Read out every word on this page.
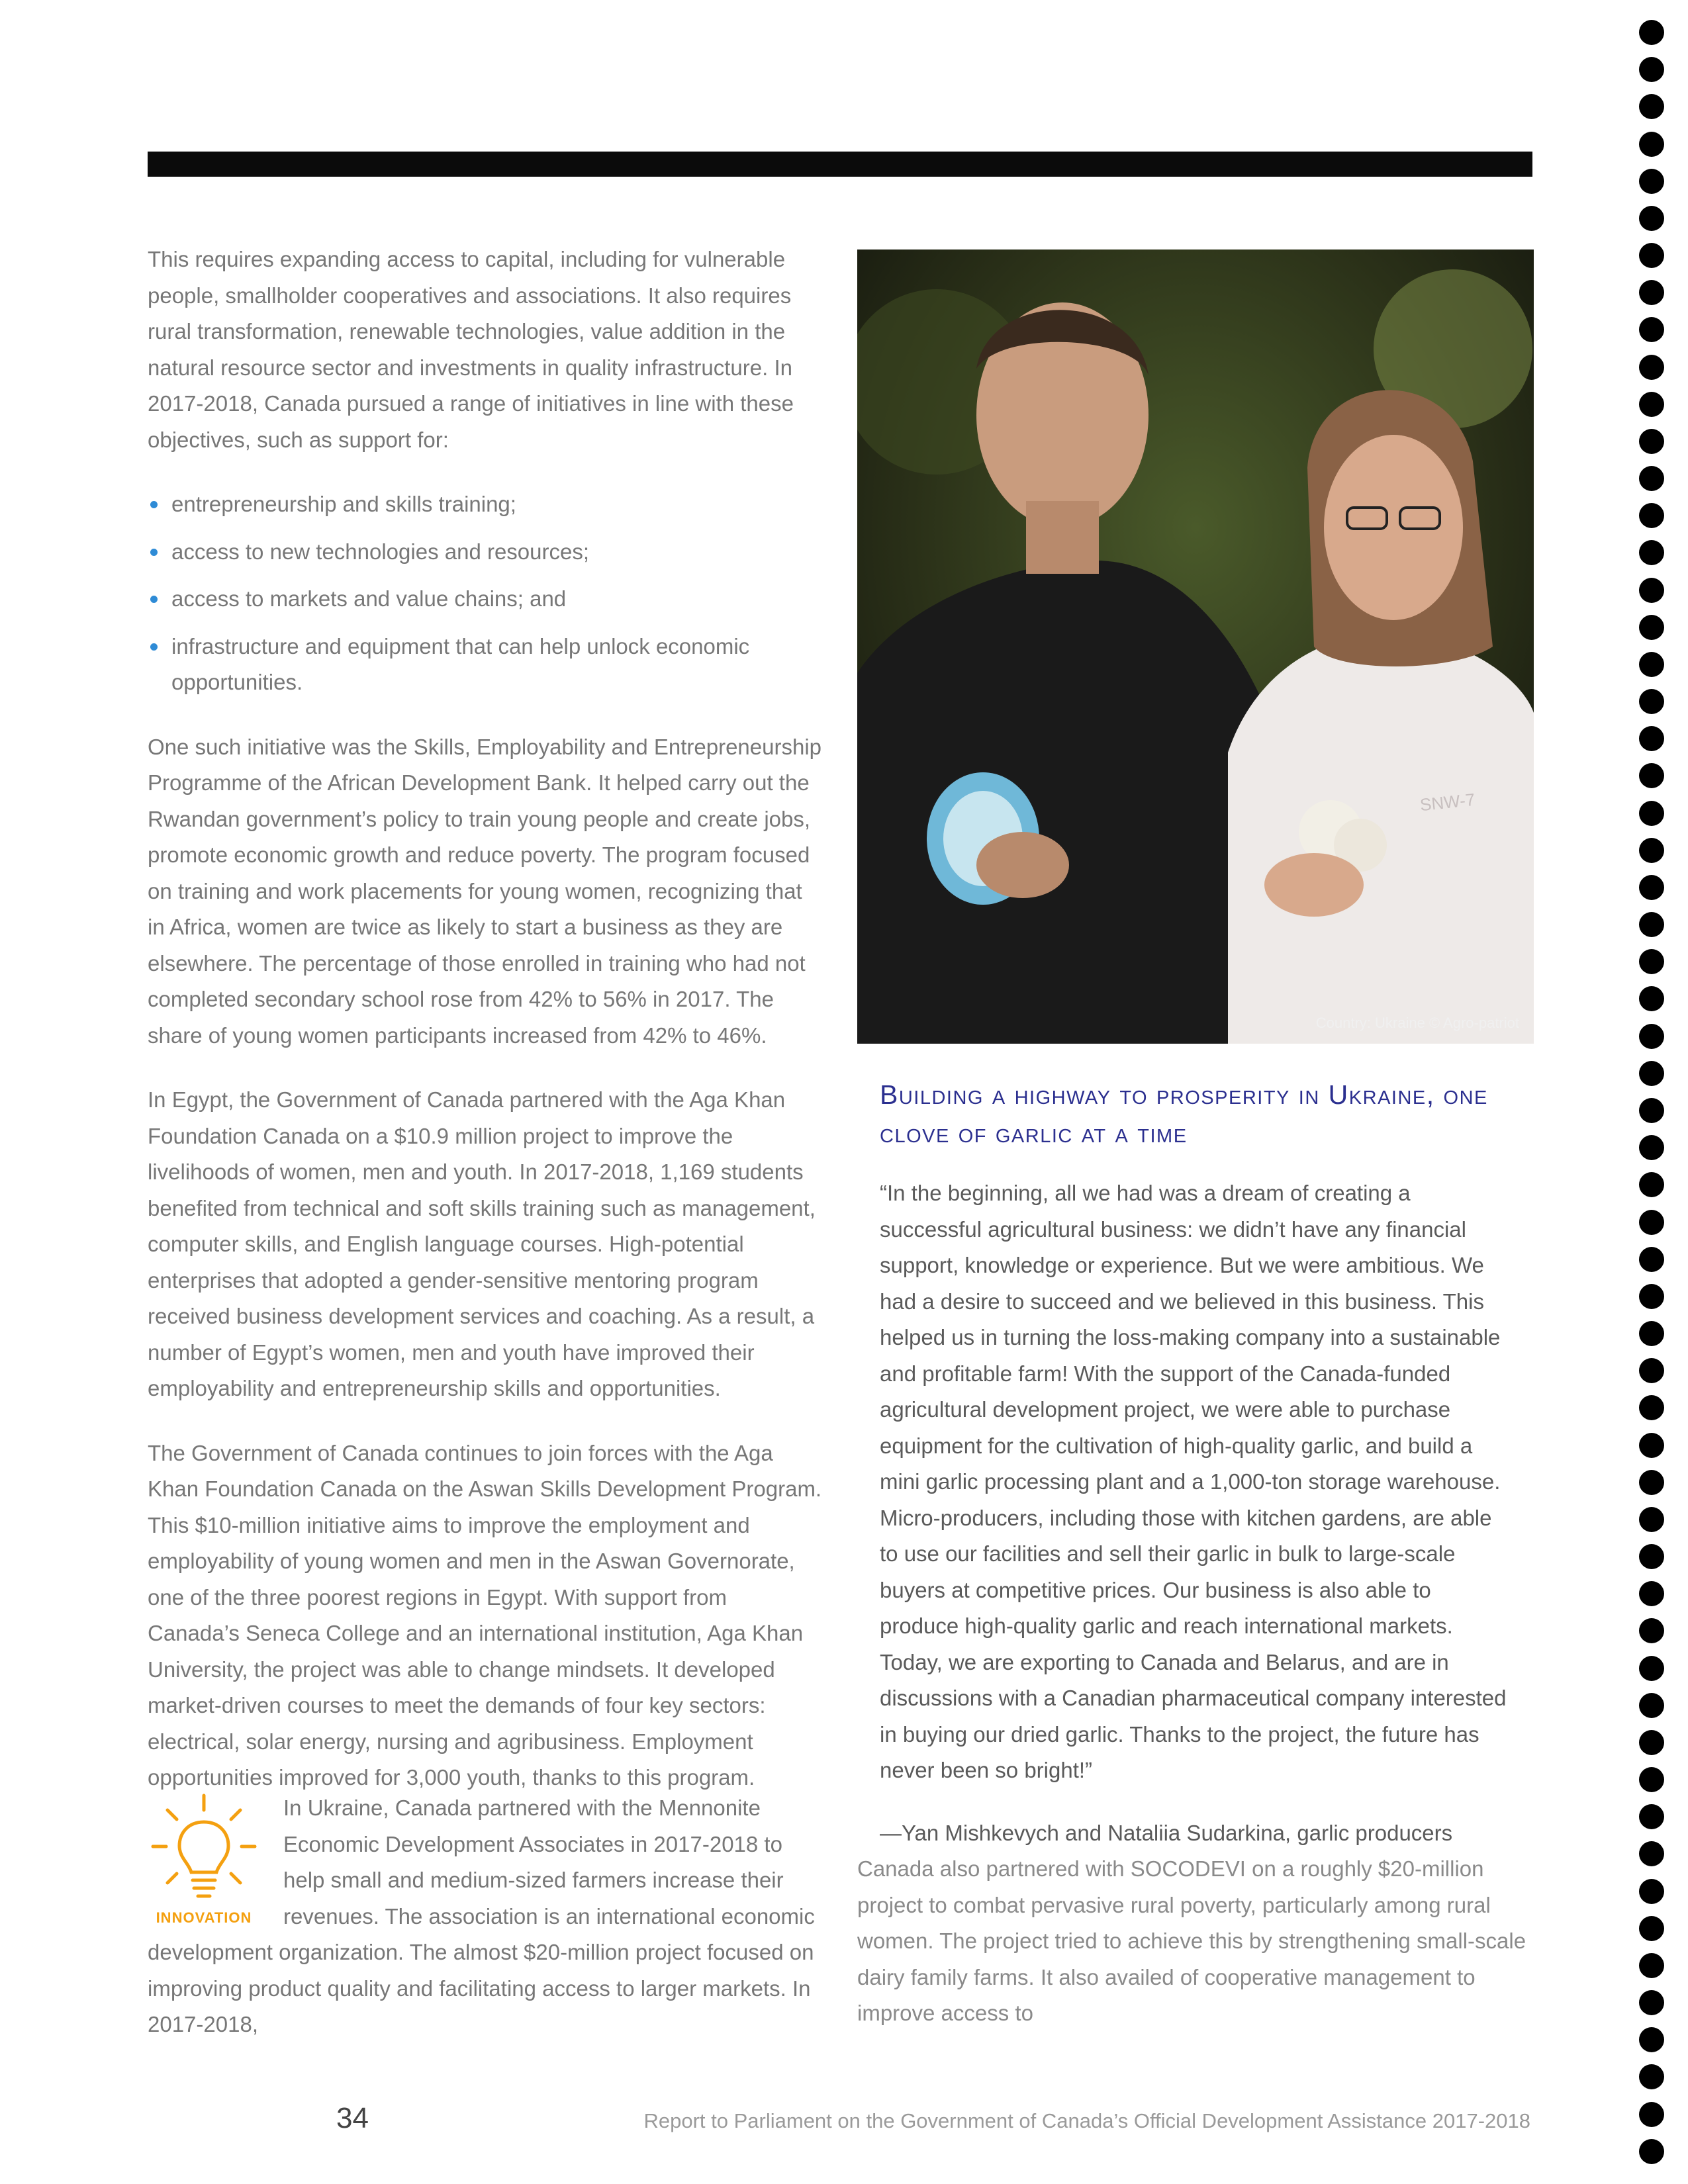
This requires expanding access to capital, including for vulnerable people, smallholder cooperatives and associations. It also requires rural transformation, renewable technologies, value addition in the natural resource sector and investments in quality infrastructure. In 2017-2018, Canada pursued a range of initiatives in line with these objectives, such as support for:

entrepreneurship and skills training;
access to new technologies and resources;
access to markets and value chains; and
infrastructure and equipment that can help unlock economic opportunities.

One such initiative was the Skills, Employability and Entrepreneurship Programme of the African Development Bank. It helped carry out the Rwandan government’s policy to train young people and create jobs, promote economic growth and reduce poverty. The program focused on training and work placements for young women, recognizing that in Africa, women are twice as likely to start a business as they are elsewhere. The percentage of those enrolled in training who had not completed secondary school rose from 42% to 56% in 2017. The share of young women participants increased from 42% to 46%.

In Egypt, the Government of Canada partnered with the Aga Khan Foundation Canada on a $10.9 million project to improve the livelihoods of women, men and youth. In 2017-2018, 1,169 students benefited from technical and soft skills training such as management, computer skills, and English language courses. High-potential enterprises that adopted a gender-sensitive mentoring program received business development services and coaching. As a result, a number of Egypt’s women, men and youth have improved their employability and entrepreneurship skills and opportunities.

The Government of Canada continues to join forces with the Aga Khan Foundation Canada on the Aswan Skills Development Program. This $10-million initiative aims to improve the employment and employability of young women and men in the Aswan Governorate, one of the three poorest regions in Egypt. With support from Canada’s Seneca College and an international institution, Aga Khan University, the project was able to change mindsets. It developed market-driven courses to meet the demands of four key sectors: electrical, solar energy, nursing and agribusiness. Employment opportunities improved for 3,000 youth, thanks to this program.

In Ukraine, Canada partnered with the Mennonite Economic Development Associates in 2017-2018 to help small and medium-sized farmers increase their revenues. The association is an international economic development organization. The almost $20-million project focused on improving product quality and facilitating access to larger markets. In 2017-2018,

INNOVATION
Country: Ukraine © Agro-patriot
SNW-7
Building a highway to prosperity in Ukraine, one clove of garlic at a time

“In the beginning, all we had was a dream of creating a successful agricultural business: we didn’t have any financial support, knowledge or experience. But we were ambitious. We had a desire to succeed and we believed in this business. This helped us in turning the loss-making company into a sustainable and profitable farm! With the support of the Canada-funded agricultural development project, we were able to purchase equipment for the cultivation of high-quality garlic, and build a mini garlic processing plant and a 1,000-ton storage warehouse. Micro-producers, including those with kitchen gardens, are able to use our facilities and sell their garlic in bulk to large-scale buyers at competitive prices. Our business is also able to produce high-quality garlic and reach international markets. Today, we are exporting to Canada and Belarus, and are in discussions with a Canadian pharmaceutical company interested in buying our dried garlic. Thanks to the project, the future has never been so bright!”

—Yan Mishkevych and Nataliia Sudarkina, garlic producers

Canada also partnered with SOCODEVI on a roughly $20-million project to combat pervasive rural poverty, particularly among rural women. The project tried to achieve this by strengthening small-scale dairy family farms. It also availed of cooperative management to improve access to

34	Report to Parliament on the Government of Canada’s Official Development Assistance 2017-2018
